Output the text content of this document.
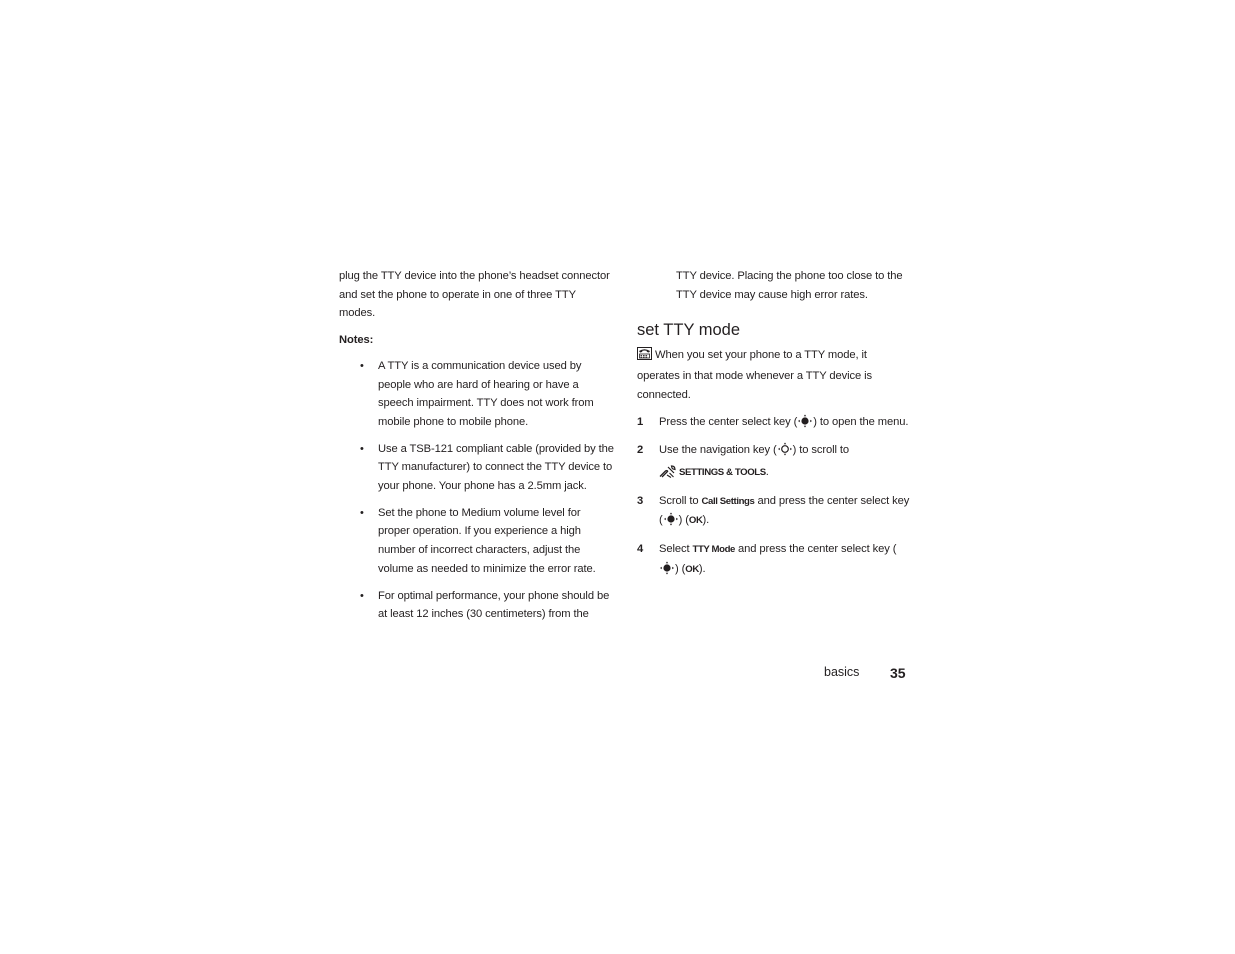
plug the TTY device into the phone’s headset connector and set the phone to operate in one of three TTY modes.

Notes:

• A TTY is a communication device used by people who are hard of hearing or have a speech impairment. TTY does not work from mobile phone to mobile phone.
• Use a TSB-121 compliant cable (provided by the TTY manufacturer) to connect the TTY device to your phone. Your phone has a 2.5mm jack.
• Set the phone to Medium volume level for proper operation. If you experience a high number of incorrect characters, adjust the volume as needed to minimize the error rate.
• For optimal performance, your phone should be at least 12 inches (30 centimeters) from the

TTY device. Placing the phone too close to the TTY device may cause high error rates.

set TTY mode

When you set your phone to a TTY mode, it operates in that mode whenever a TTY device is connected.

1 Press the center select key ( ) to open the menu.
2 Use the navigation key ( ) to scroll to
SETTINGS & TOOLS.
3 Scroll to Call Settings and press the center select key ( ) (OK).
4 Select TTY Mode and press the center select key () (OK).
basics 35
